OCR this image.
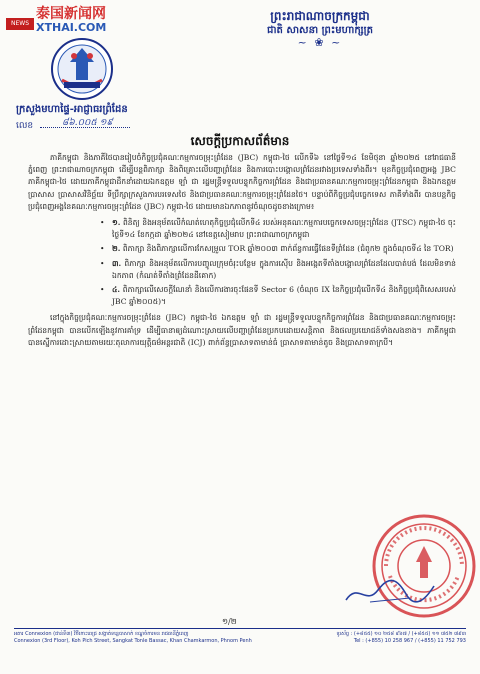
NEWS
泰国新闻网
XTHAI.COM
ព្រះរាជាណាចក្រកម្ពុជា
ជាតិ សាសនា ព្រះមហាក្សត្រ
~ ❀ ~
ក្រសួងមហាផ្ទៃ-អាជ្ញាធរព្រំដែន
លេខ	៨៦.០០៥ ១៩
សេចក្តីប្រកាសព័ត៌មាន

ភាគីកម្ពុជា និងភាគីថៃបានរៀបចំកិច្ចប្រជុំគណៈកម្មការចម្រុះព្រំដែន (JBC) កម្ពុជា-ថៃ លើកទី៦ នៅថ្ងៃទី១៤ ខែមិថុនា ឆ្នាំ២០២៥ នៅរាជធានីភ្នំពេញ ព្រះរាជាណាចក្រកម្ពុជា ដើម្បីបន្តពិភាក្សា និងពិគ្រោះលើបញ្ហាព្រំដែន និងការបោះបង្គោលព្រំដែនរវាងប្រទេសទាំងពីរ។ មុនកិច្ចប្រជុំពេញអង្គ JBC ភាគីកម្ពុជា-ថៃ ដោយភាគីកម្ពុជាដឹកនាំដោយឯកឧត្តម ឡាំ ជា រដ្ឋមន្ត្រីទទួលបន្ទុកកិច្ចការព្រំដែន និងជាប្រធានគណៈកម្មការចម្រុះព្រំដែនកម្ពុជា និងឯកឧត្តម ប្រាសាស ប្រាសាសវិនិច្ឆ័យ ទីប្រឹក្សាក្រសួងការបរទេសថៃ និងជាប្រធានគណៈកម្មការចម្រុះព្រំដែនថៃ។ បន្ទាប់ពីកិច្ចប្រជុំបច្ចេកទេស ភាគីទាំងពីរ បានបន្តកិច្ចប្រជុំពេញអង្គនៃគណៈកម្មការចម្រុះព្រំដែន (JBC) កម្ពុជា-ថៃ ដោយមានឯកភាពនូវចំណុចដូចខាងក្រោម៖

• ១. ពិនិត្យ និងអនុម័តលើកំណត់ហេតុកិច្ចប្រជុំលើកទី៤ របស់អនុគណៈកម្មការបច្ចេកទេសចម្រុះព្រំដែន (JTSC) កម្ពុជា-ថៃ ចុះថ្ងៃទី១៤ ខែកក្កដា ឆ្នាំ២០២៤ នៅខេត្តសៀមរាប ព្រះរាជាណាចក្រកម្ពុជា
• ២. ពិភាក្សា និងពិភាក្សាលើការកែសម្រួល TOR ឆ្នាំ២០០៣ ពាក់ព័ន្ធការធ្វើផែនទីព្រំដែន (ជំពូក២ ក្នុងចំណុចទី៤ នៃ TOR)
• ៣. ពិភាក្សា និងអនុម័តលើការបញ្ចូលក្រុមចំរុះបន្ថែម ក្នុងការស៊ើប និងអង្កេតទីតាំងបង្គោលព្រំដែនដែលបាត់បង់ ដែលមិនទាន់ឯកភាព (កំណត់ទីតាំងព្រំដែនដីគោក)
• ៤. ពិភាក្សាលើសេចក្តីណែនាំ និងលើការងារចុះផែនទី Sector 6 (ចំណុច IX នៃកិច្ចប្រជុំលើកទី៤ និងកិច្ចប្រជុំពិសេសរបស់ JBC ឆ្នាំ២០០៥)។

នៅក្នុងកិច្ចប្រជុំគណៈកម្មការចម្រុះព្រំដែន (JBC) កម្ពុជា-ថៃ ឯកឧត្តម ឡាំ ជា រដ្ឋមន្ត្រីទទួលបន្ទុកកិច្ចការព្រំដែន និងជាប្រធានគណៈកម្មការចម្រុះព្រំដែនកម្ពុជា បានលើកឡើងនូវការគាំទ្រ ដើម្បីធានាឲ្យដំណោះស្រាយលើបញ្ហាព្រំដែនប្រកបដោយសន្តិភាព និងផលប្រយោជន៍ទាំងសងខាង។ ភាគីកម្ពុជាបានស្នើការដោះស្រាយតាមរយៈតុលាការយុត្តិធម៌អន្តរជាតិ (ICJ) ពាក់ព័ន្ធប្រាសាទតាមាន់ធំ ប្រាសាទតាមាន់តូច និងប្រាសាទតាក្របី។

១/២
អគារ Connexion (ជាន់ទី៣) វិថីកោះពេជ្រ សង្កាត់ទន្លេបាសាក់ ខណ្ឌចំការមន រាជធានីភ្នំពេញ
Connexion (3rd Floor), Koh Pich Street, Sangkat Tonle Bassac, Khan Chamkarmon, Phnom Penh
ទូរស័ព្ទ : (+៨៥៥) ១០ ២៥៨ ៩៦៧ / (+៨៥៥) ១១ ៧៥២ ៧៩៣
Tel : (+855) 10 258 967 / (+855) 11 752 793
